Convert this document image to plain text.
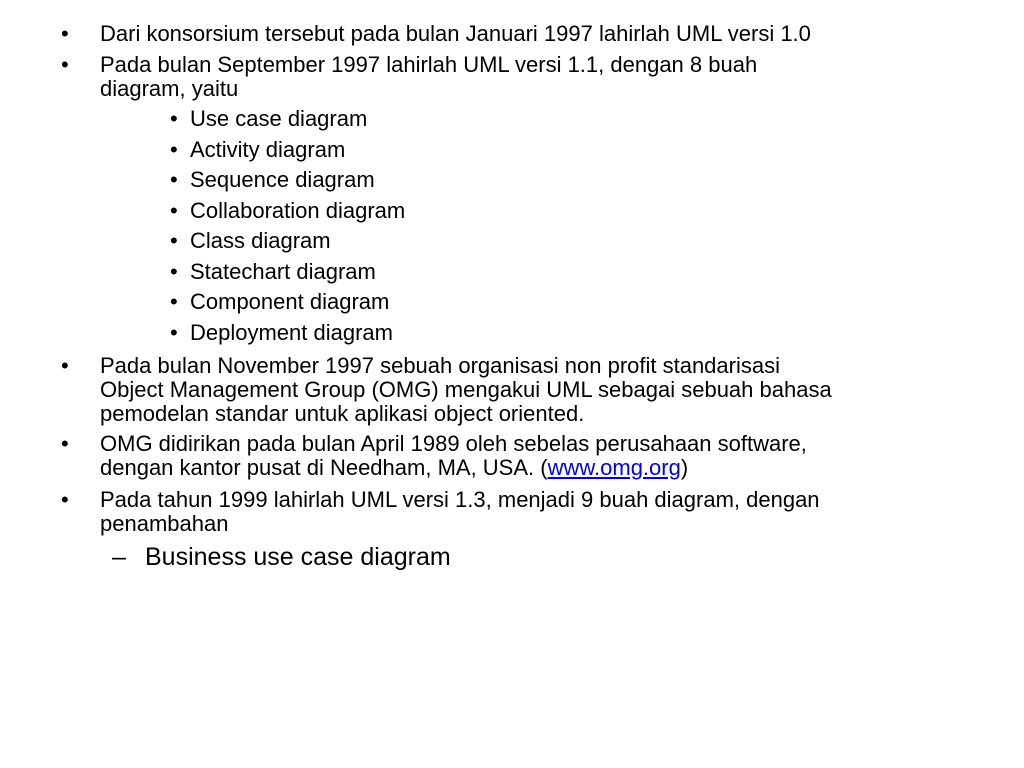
• Dari konsorsium tersebut pada bulan Januari 1997 lahirlah UML versi 1.0
• Pada bulan September 1997 lahirlah UML versi 1.1, dengan 8 buah
diagram, yaitu
• Use case diagram
• Activity diagram
• Sequence diagram
• Collaboration diagram
• Class diagram
• Statechart diagram
• Component diagram
• Deployment diagram
• Pada bulan November 1997 sebuah organisasi non profit standarisasi
Object Management Group (OMG) mengakui UML sebagai sebuah bahasa
pemodelan standar untuk aplikasi object oriented.
• OMG didirikan pada bulan April 1989 oleh sebelas perusahaan software,
dengan kantor pusat di Needham, MA, USA. (www.omg.org)
• Pada tahun 1999 lahirlah UML versi 1.3, menjadi 9 buah diagram, dengan
penambahan
– Business use case diagram
